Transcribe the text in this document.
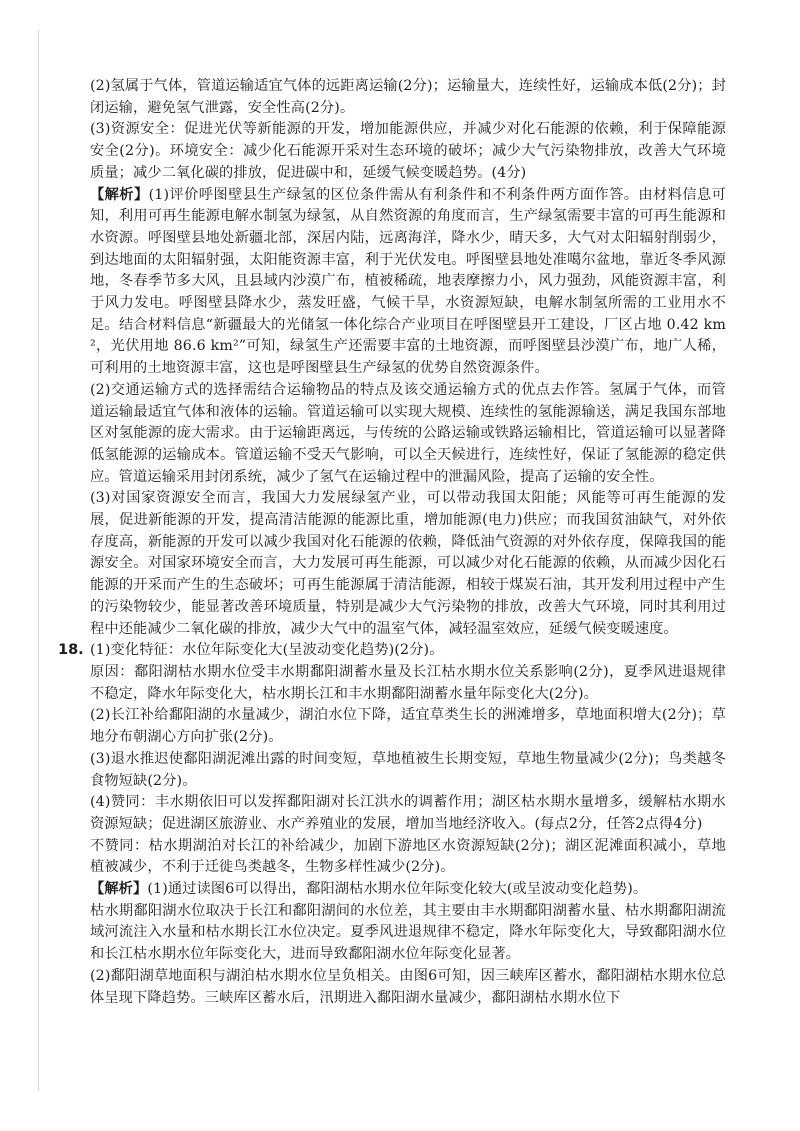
(2)氢属于气体，管道运输适宜气体的远距离运输(2分)；运输量大，连续性好，运输成本低(2分)；封闭运输，避免氢气泄露，安全性高(2分)。

(3)资源安全：促进光伏等新能源的开发，增加能源供应，并减少对化石能源的依赖，利于保障能源安全(2分)。环境安全：减少化石能源开采对生态环境的破坏；减少大气污染物排放，改善大气环境质量；减少二氧化碳的排放，促进碳中和，延缓气候变暖趋势。(4分)

【解析】(1)评价呼图壁县生产绿氢的区位条件需从有利条件和不利条件两方面作答。由材料信息可知，利用可再生能源电解水制氢为绿氢，从自然资源的角度而言，生产绿氢需要丰富的可再生能源和水资源。呼图壁县地处新疆北部，深居内陆，远离海洋，降水少，晴天多，大气对太阳辐射削弱少，到达地面的太阳辐射强，太阳能资源丰富，利于光伏发电。呼图壁县地处准噶尔盆地，靠近冬季风源地，冬春季节多大风，且县域内沙漠广布，植被稀疏，地表摩擦力小，风力强劲，风能资源丰富，利于风力发电。呼图壁县降水少，蒸发旺盛，气候干旱，水资源短缺，电解水制氢所需的工业用水不足。结合材料信息“新疆最大的光储氢一体化综合产业项目在呼图壁县开工建设，厂区占地 0.42 km²，光伏用地 86.6 km²”可知，绿氢生产还需要丰富的土地资源，而呼图壁县沙漠广布，地广人稀，可利用的土地资源丰富，这也是呼图壁县生产绿氢的优势自然资源条件。

(2)交通运输方式的选择需结合运输物品的特点及该交通运输方式的优点去作答。氢属于气体，而管道运输最适宜气体和液体的运输。管道运输可以实现大规模、连续性的氢能源输送，满足我国东部地区对氢能源的庞大需求。由于运输距离远，与传统的公路运输或铁路运输相比，管道运输可以显著降低氢能源的运输成本。管道运输不受天气影响，可以全天候进行，连续性好，保证了氢能源的稳定供应。管道运输采用封闭系统，减少了氢气在运输过程中的泄漏风险，提高了运输的安全性。

(3)对国家资源安全而言，我国大力发展绿氢产业，可以带动我国太阳能；风能等可再生能源的发展，促进新能源的开发，提高清洁能源的能源比重，增加能源(电力)供应；而我国贫油缺气，对外依存度高，新能源的开发可以减少我国对化石能源的依赖，降低油气资源的对外依存度，保障我国的能源安全。对国家环境安全而言，大力发展可再生能源，可以减少对化石能源的依赖，从而减少因化石能源的开采而产生的生态破坏；可再生能源属于清洁能源，相较于煤炭石油，其开发利用过程中产生的污染物较少，能显著改善环境质量，特别是减少大气污染物的排放，改善大气环境，同时其利用过程中还能减少二氧化碳的排放，减少大气中的温室气体，减轻温室效应，延缓气候变暖速度。

18. (1)变化特征：水位年际变化大(呈波动变化趋势)(2分)。

原因：鄱阳湖枯水期水位受丰水期鄱阳湖蓄水量及长江枯水期水位关系影响(2分)，夏季风进退规律不稳定，降水年际变化大，枯水期长江和丰水期鄱阳湖蓄水量年际变化大(2分)。

(2)长江补给鄱阳湖的水量减少，湖泊水位下降，适宜草类生长的洲滩增多，草地面积增大(2分)；草地分布朝湖心方向扩张(2分)。

(3)退水推迟使鄱阳湖泥滩出露的时间变短，草地植被生长期变短，草地生物量减少(2分)；鸟类越冬食物短缺(2分)。

(4)赞同：丰水期依旧可以发挥鄱阳湖对长江洪水的调蓄作用；湖区枯水期水量增多，缓解枯水期水资源短缺；促进湖区旅游业、水产养殖业的发展，增加当地经济收入。(每点2分，任答2点得4分)

不赞同：枯水期湖泊对长江的补给减少，加剧下游地区水资源短缺(2分)；湖区泥滩面积减小，草地植被减少，不利于迁徙鸟类越冬，生物多样性减少(2分)。

【解析】(1)通过读图6可以得出，鄱阳湖枯水期水位年际变化较大(或呈波动变化趋势)。

枯水期鄱阳湖水位取决于长江和鄱阳湖间的水位差，其主要由丰水期鄱阳湖蓄水量、枯水期鄱阳湖流域河流注入水量和枯水期长江水位决定。夏季风进退规律不稳定，降水年际变化大，导致鄱阳湖水位和长江枯水期水位年际变化大，进而导致鄱阳湖水位年际变化显著。

(2)鄱阳湖草地面积与湖泊枯水期水位呈负相关。由图6可知，因三峡库区蓄水，鄱阳湖枯水期水位总体呈现下降趋势。三峡库区蓄水后，汛期进入鄱阳湖水量减少，鄱阳湖枯水期水位下
